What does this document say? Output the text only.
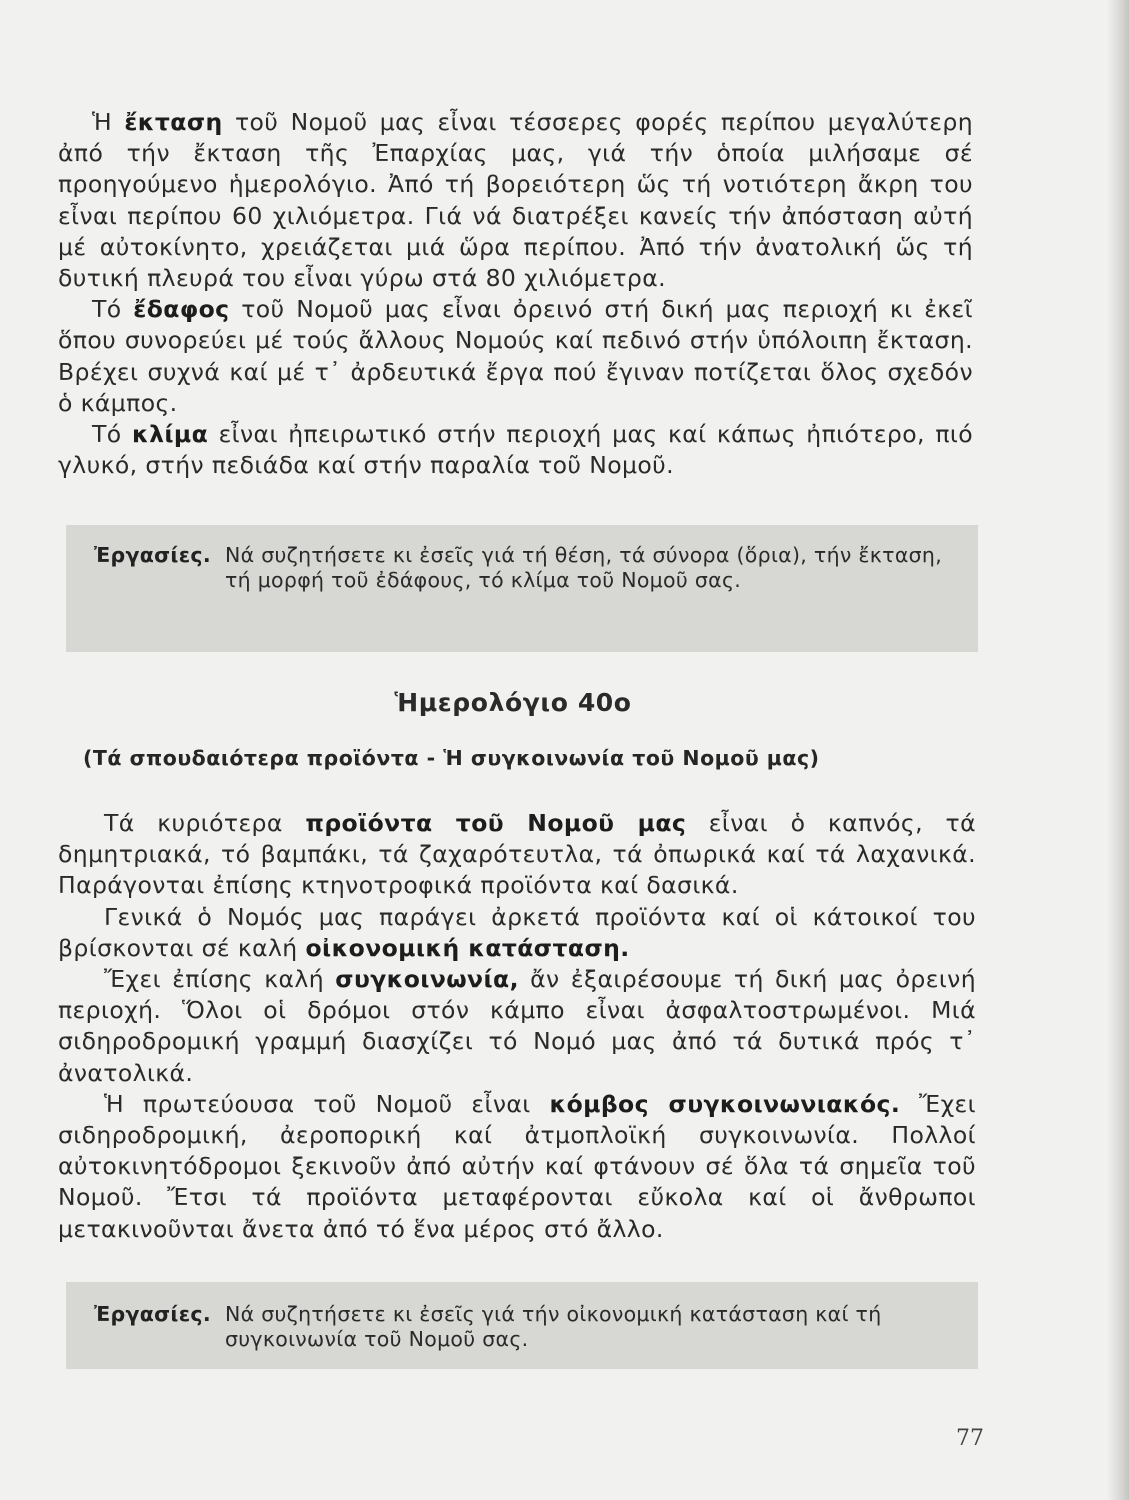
Ἡ ἔκταση τοῦ Νομοῦ μας εἶναι τέσσερες φορές περίπου μεγαλύτερη ἀπό τήν ἔκταση τῆς Ἐπαρχίας μας, γιά τήν ὁποία μιλήσαμε σέ προηγούμενο ἡμερολόγιο. Ἀπό τή βορειότερη ὥς τή νοτιότερη ἄκρη του εἶναι περίπου 60 χιλιόμετρα. Γιά νά διατρέξει κανείς τήν ἀπόσταση αὐτή μέ αὐτοκίνητο, χρειάζεται μιά ὥρα περίπου. Ἀπό τήν ἀνατολική ὥς τή δυτική πλευρά του εἶναι γύρω στά 80 χιλιόμετρα.

Τό ἔδαφος τοῦ Νομοῦ μας εἶναι ὀρεινό στή δική μας περιοχή κι ἐκεῖ ὅπου συνορεύει μέ τούς ἄλλους Νομούς καί πεδινό στήν ὑπόλοιπη ἔκταση. Βρέχει συχνά καί μέ τ᾽ ἀρδευτικά ἔργα πού ἔγιναν ποτίζεται ὅλος σχεδόν ὁ κάμπος.

Τό κλίμα εἶναι ἠπειρωτικό στήν περιοχή μας καί κάπως ἠπιότερο, πιό γλυκό, στήν πεδιάδα καί στήν παραλία τοῦ Νομοῦ.

Ἐργασίες. Νά συζητήσετε κι ἐσεῖς γιά τή θέση, τά σύνορα (ὅρια), τήν ἔκταση, τή μορφή τοῦ ἐδάφους, τό κλίμα τοῦ Νομοῦ σας.
Ἡμερολόγιο 40ο
(Τά σπουδαιότερα προϊόντα - Ἡ συγκοινωνία τοῦ Νομοῦ μας)

Τά κυριότερα προϊόντα τοῦ Νομοῦ μας εἶναι ὁ καπνός, τά δημητριακά, τό βαμπάκι, τά ζαχαρότευτλα, τά ὀπωρικά καί τά λαχανικά. Παράγονται ἐπίσης κτηνοτροφικά προϊόντα καί δασικά.

Γενικά ὁ Νομός μας παράγει ἀρκετά προϊόντα καί οἱ κάτοικοί του βρίσκονται σέ καλή οἰκονομική κατάσταση.

Ἔχει ἐπίσης καλή συγκοινωνία, ἄν ἐξαιρέσουμε τή δική μας ὀρεινή περιοχή. Ὅλοι οἱ δρόμοι στόν κάμπο εἶναι ἀσφαλτοστρωμένοι. Μιά σιδηροδρομική γραμμή διασχίζει τό Νομό μας ἀπό τά δυτικά πρός τ᾽ ἀνατολικά.

Ἡ πρωτεύουσα τοῦ Νομοῦ εἶναι κόμβος συγκοινωνιακός. Ἔχει σιδηροδρομική, ἀεροπορική καί ἀτμοπλοϊκή συγκοινωνία. Πολλοί αὐτοκινητόδρομοι ξεκινοῦν ἀπό αὐτήν καί φτάνουν σέ ὅλα τά σημεῖα τοῦ Νομοῦ. Ἔτσι τά προϊόντα μεταφέρονται εὔκολα καί οἱ ἄνθρωποι μετακινοῦνται ἄνετα ἀπό τό ἕνα μέρος στό ἄλλο.

Ἐργασίες. Νά συζητήσετε κι ἐσεῖς γιά τήν οἰκονομική κατάσταση καί τή συγκοινωνία τοῦ Νομοῦ σας.
77
